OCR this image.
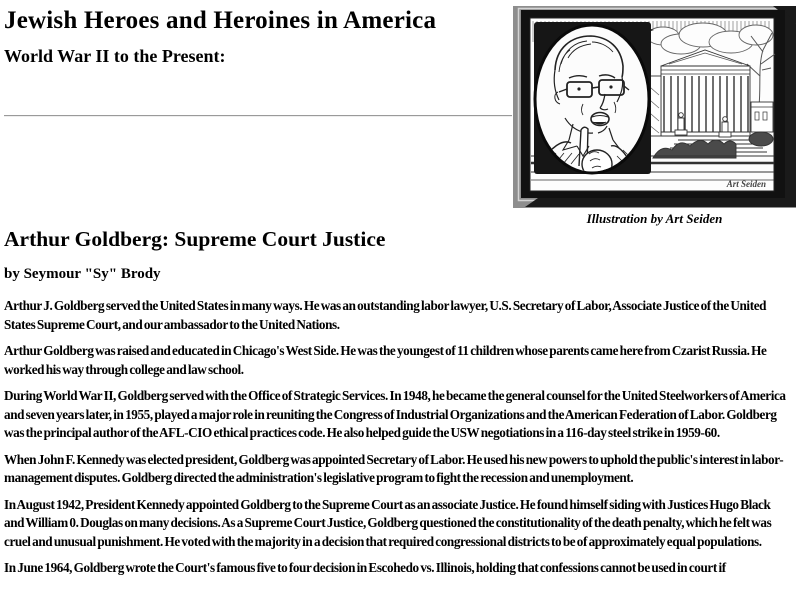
Jewish Heroes and Heroines in America
World War II to the Present:
Art Seiden
Illustration by Art Seiden
Arthur Goldberg: Supreme Court Justice
by Seymour "Sy" Brody

Arthur J. Goldberg served the United States in many ways. He was an outstanding labor lawyer, U.S. Secretary of Labor, Associate Justice of the United States Supreme Court, and our ambassador to the United Nations.

Arthur Goldberg was raised and educated in Chicago's West Side. He was the youngest of 11 children whose parents came here from Czarist Russia. He worked his way through college and law school.

During World War II, Goldberg served with the Office of Strategic Services. In 1948, he became the general counsel for the United Steelworkers of America and seven years later, in 1955, played a major role in reuniting the Congress of Industrial Organizations and the American Federation of Labor. Goldberg was the principal author of the AFL-CIO ethical practices code. He also helped guide the USW negotiations in a 116-day steel strike in 1959-60.

When John F. Kennedy was elected president, Goldberg was appointed Secretary of Labor. He used his new powers to uphold the public's interest in labor-management disputes. Goldberg directed the administration's legislative program to fight the recession and unemployment.

In August 1942, President Kennedy appointed Goldberg to the Supreme Court as an associate Justice. He found himself siding with Justices Hugo Black and William 0. Douglas on many decisions. As a Supreme Court Justice, Goldberg questioned the constitutionality of the death penalty, which he felt was cruel and unusual punishment. He voted with the majority in a decision that required congressional districts to be of approximately equal populations.

In June 1964, Goldberg wrote the Court's famous five to four decision in Escohedo vs. Illinois, holding that confessions cannot be used in court if
